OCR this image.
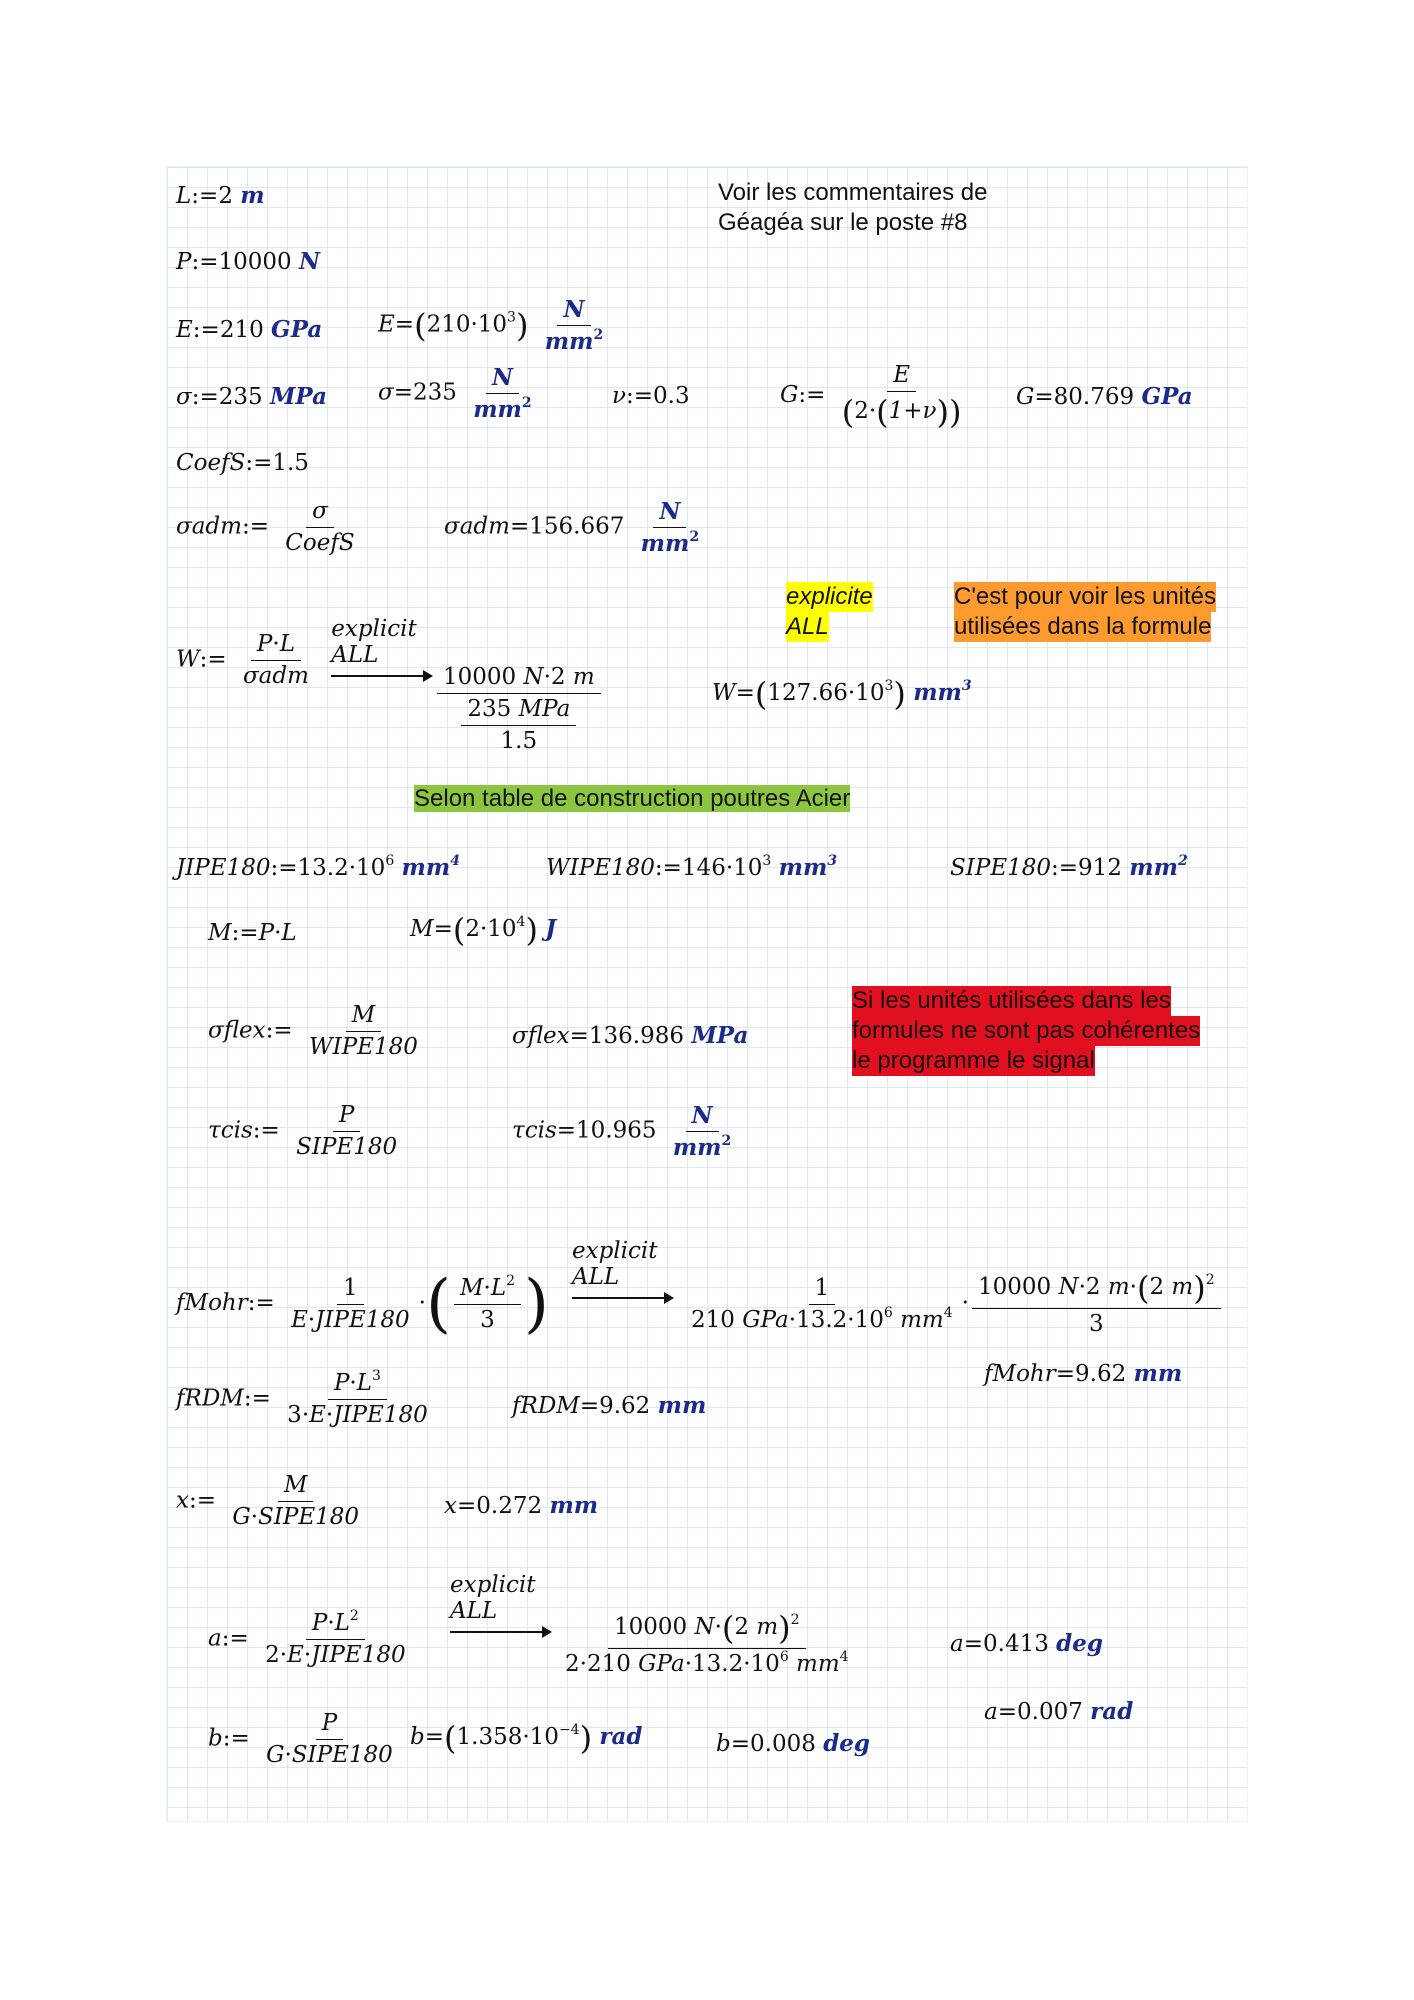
L:=2 m	Voir les commentaires de
Géagéa sur le poste #8
P:=10000 N
E:=210 GPa $E=(210\cdot 10^3) \frac{N}{mm^2}$
σ:=235 MPa $\sigma=235 \frac{N}{mm^2}$	ν:=0.3	G:= $\frac{E}{(2\cdot(1+\nu))} G=80.769$ GPa
CoefS:=1.5
σadm:=
σ
CoefS
$\sigma adm=156.667 \frac{N}{mm^2}$
explicite
ALL
C'est pour voir les unités
utilisées dans la formule
W:=
P·L
σadm

explicit
ALL
10000 N·2 m
235 MPa
1.5
$W=(127.66\cdot 10^3)$ $mm^3$
Selon table de construction poutres Acier
$JIPE180:=13.2\cdot 10^6$ $mm^4$	$WIPE180:=146\cdot 10^3$ $mm^3$	SIPE180:=912 $mm^2$
M:=P·L	$M=(2\cdot 10^4)$ J
Si les unités utilisées dans les
formules ne sont pas cohérentes
le programme le signal
σflex:=
M
WIPE180	σflex=136.986 MPa
τcis:=
P
SIPE180
$\tau cis=10.965 \frac{N}{mm^2}$
fMohr:=
1
E·JIPE180
·( $\frac{M\cdot L^2}{3}$ )
explicit
ALL	1
210 $GPa\cdot 13.2\cdot 10^6$ $mm^4 \cdot \frac{10000 N\cdot 2 m\cdot(2 m)^2}{3}$
fMohr=9.62 mm
fRDM:=
$P\cdot L^3$
3·E·JIPE180	fRDM=9.62 mm
x:=
M
G·SIPE180	x=0.272 mm
a:=
$P\cdot L^2$
2·E·JIPE180
explicit
ALL
10000 N·(2 m)$^2$
2·210 $GPa\cdot 13.2\cdot 10^6$ $mm^4$	a=0.413 deg
a=0.007 rad
b:=
P
G·SIPE180
$b=(1.358\cdot 10^{-4})$ rad	b=0.008 deg
